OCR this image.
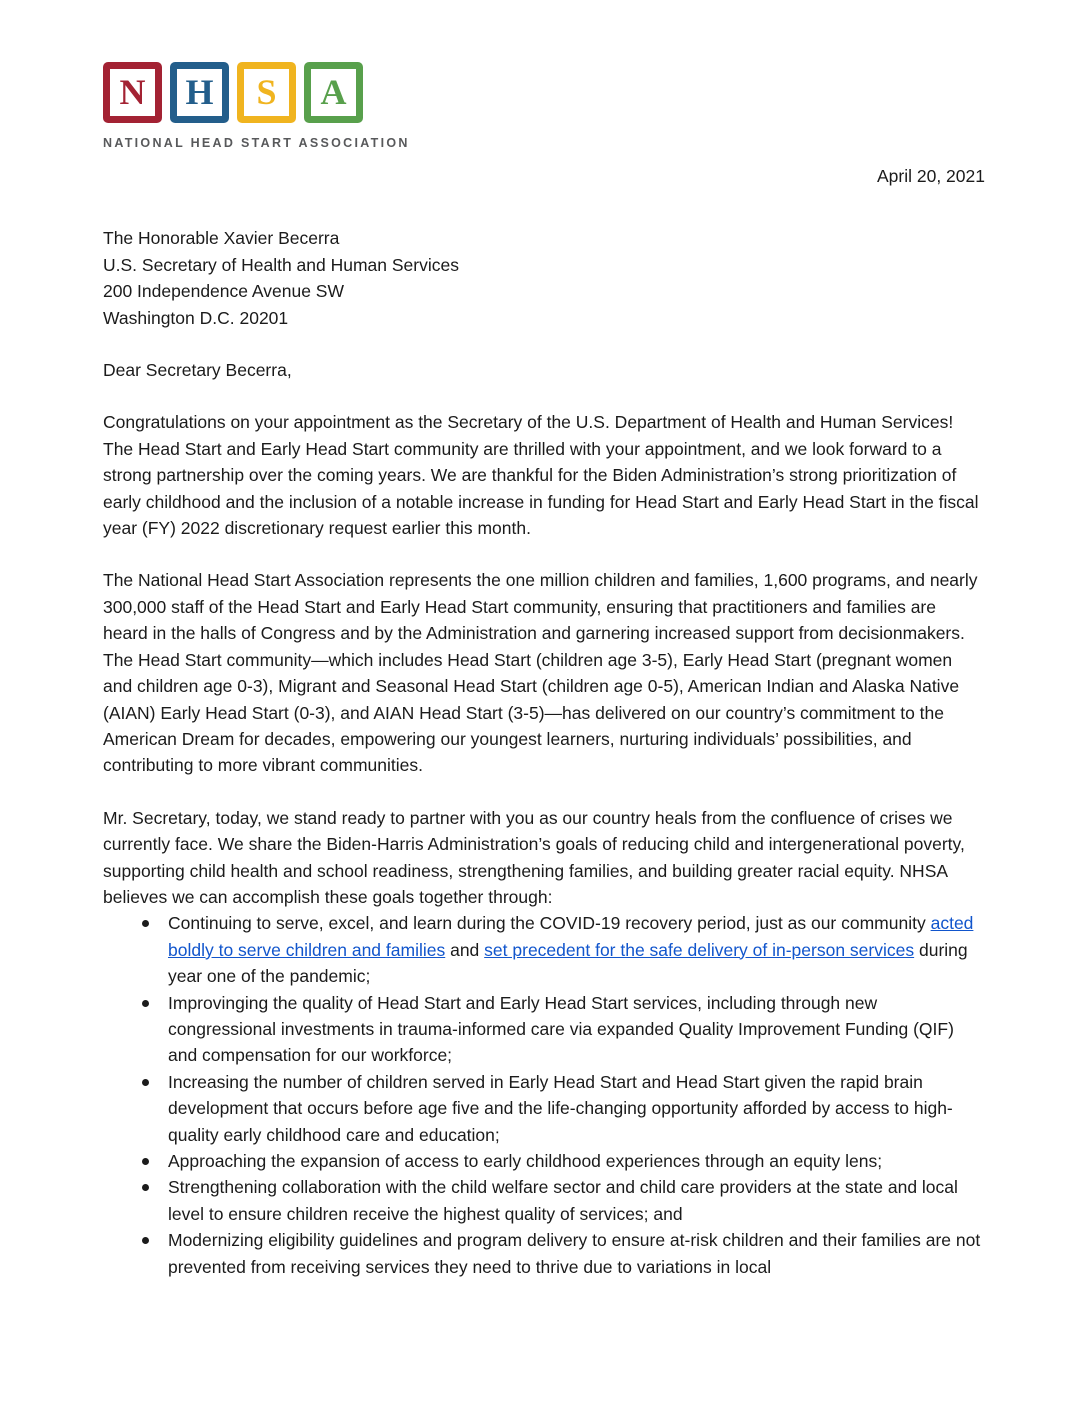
N	H	S	A
NATIONAL HEAD START ASSOCIATION
April 20, 2021
The Honorable Xavier Becerra
U.S. Secretary of Health and Human Services
200 Independence Avenue SW
Washington D.C. 20201
Dear Secretary Becerra,
Congratulations on your appointment as the Secretary of the U.S. Department of Health and Human Services! The Head Start and Early Head Start community are thrilled with your appointment, and we look forward to a strong partnership over the coming years. We are thankful for the Biden Administration’s strong prioritization of early childhood and the inclusion of a notable increase in funding for Head Start and Early Head Start in the fiscal year (FY) 2022 discretionary request earlier this month.
The National Head Start Association represents the one million children and families, 1,600 programs, and nearly 300,000 staff of the Head Start and Early Head Start community, ensuring that practitioners and families are heard in the halls of Congress and by the Administration and garnering increased support from decisionmakers. The Head Start community—which includes Head Start (children age 3-5), Early Head Start (pregnant women and children age 0-3), Migrant and Seasonal Head Start (children age 0-5), American Indian and Alaska Native (AIAN) Early Head Start (0-3), and AIAN Head Start (3-5)—has delivered on our country’s commitment to the American Dream for decades, empowering our youngest learners, nurturing individuals’ possibilities, and contributing to more vibrant communities.
Mr. Secretary, today, we stand ready to partner with you as our country heals from the confluence of crises we currently face. We share the Biden-Harris Administration’s goals of reducing child and intergenerational poverty, supporting child health and school readiness, strengthening families, and building greater racial equity. NHSA believes we can accomplish these goals together through:
Continuing to serve, excel, and learn during the COVID-19 recovery period, just as our community acted boldly to serve children and families and set precedent for the safe delivery of in-person services during year one of the pandemic;
Improvinging the quality of Head Start and Early Head Start services, including through new congressional investments in trauma-informed care via expanded Quality Improvement Funding (QIF) and compensation for our workforce;
Increasing the number of children served in Early Head Start and Head Start given the rapid brain development that occurs before age five and the life-changing opportunity afforded by access to high-quality early childhood care and education;
Approaching the expansion of access to early childhood experiences through an equity lens;
Strengthening collaboration with the child welfare sector and child care providers at the state and local level to ensure children receive the highest quality of services; and
Modernizing eligibility guidelines and program delivery to ensure at-risk children and their families are not prevented from receiving services they need to thrive due to variations in local
